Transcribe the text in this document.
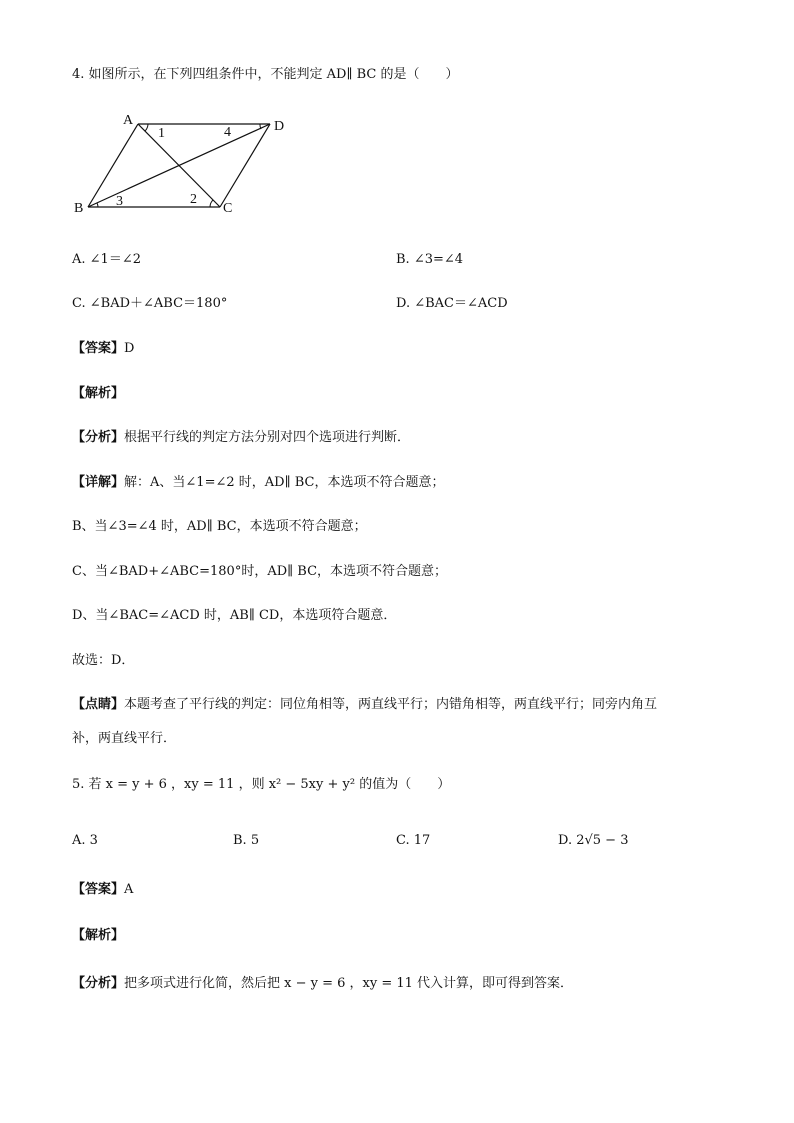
4. 如图所示，在下列四组条件中，不能判定 AD∥ BC 的是（　　）
A	D
B	C
1
2
3
4
A. ∠1＝∠2	B. ∠3=∠4
C. ∠BAD＋∠ABC＝180°	D. ∠BAC＝∠ACD
【答案】D
【解析】
【分析】根据平行线的判定方法分别对四个选项进行判断．
【详解】解：A、当∠1=∠2 时，AD∥ BC，本选项不符合题意；
B、当∠3=∠4 时，AD∥ BC，本选项不符合题意；
C、当∠BAD+∠ABC=180°时，AD∥ BC，本选项不符合题意；
D、当∠BAC=∠ACD 时，AB∥ CD，本选项符合题意．
故选：D．
【点睛】本题考查了平行线的判定：同位角相等，两直线平行；内错角相等，两直线平行；同旁内角互
补，两直线平行．
5. 若 x = y + 6 ，xy = 11 ，则 x² − 5xy + y² 的值为（　　）
A. 3	B. 5	C. 17	D. 2√5 − 3
【答案】A
【解析】
【分析】把多项式进行化简，然后把 x − y = 6 ，xy = 11 代入计算，即可得到答案．
